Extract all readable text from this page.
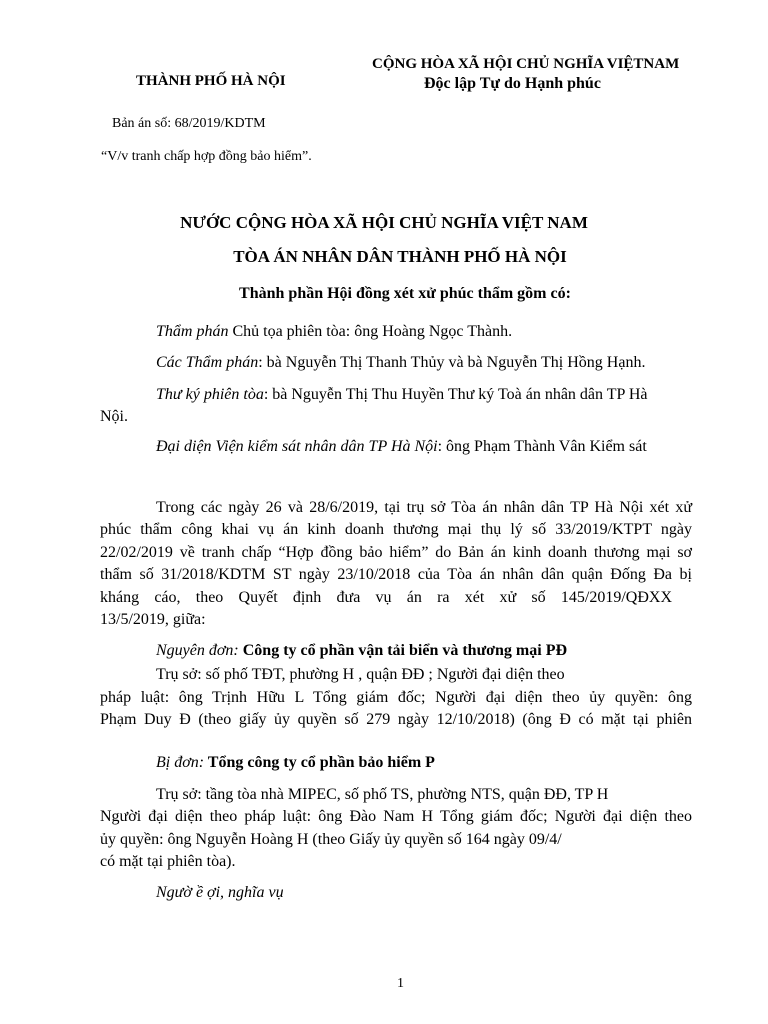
THÀNH PHỐ HÀ NỘI
CỘNG HÒA XÃ HỘI CHỦ NGHĨA VIỆTNAM
Độc lập Tự do Hạnh phúc
Bản án số: 68/2019/KDTM
“V/v tranh chấp hợp đồng bảo hiểm”.
NƯỚC CỘNG HÒA XÃ HỘI CHỦ NGHĨA VIỆT NAM
TÒA ÁN NHÂN DÂN THÀNH PHỐ HÀ NỘI
Thành phần Hội đồng xét xử phúc thẩm gồm có:
Thẩm phán Chủ tọa phiên tòa: ông Hoàng Ngọc Thành.
Các Thẩm phán: bà Nguyễn Thị Thanh Thủy và bà Nguyễn Thị Hồng Hạnh.
Thư ký phiên tòa: bà Nguyễn Thị Thu Huyền Thư ký Toà án nhân dân TP Hà
Nội.
Đại diện Viện kiểm sát nhân dân TP Hà Nội: ông Phạm Thành Vân Kiểm sát
Trong các ngày 26 và 28/6/2019, tại trụ sở Tòa án nhân dân TP Hà Nội xét xử
phúc thẩm công khai vụ án kinh doanh thương mại thụ lý số 33/2019/KTPT ngày
22/02/2019 về tranh chấp “Hợp đồng bảo hiểm” do Bản án kinh doanh thương mại sơ
thẩm số 31/2018/KDTM ST ngày 23/10/2018 của Tòa án nhân dân quận Đống Đa bị
kháng cáo, theo Quyết định đưa vụ án ra xét xử số 145/2019/QĐXX
13/5/2019, giữa:
Nguyên đơn: Công ty cổ phần vận tải biển và thương mại PĐ
Trụ sở: số phố TĐT, phường H , quận ĐĐ ; Người đại diện theo
pháp luật: ông Trịnh Hữu L Tổng giám đốc; Người đại diện theo ủy quyền: ông
Phạm Duy Đ (theo giấy ủy quyền số 279 ngày 12/10/2018) (ông Đ có mặt tại phiên
Bị đơn: Tổng công ty cổ phần bảo hiểm P
Trụ sở: tầng tòa nhà MIPEC, số phố TS, phường NTS, quận ĐĐ, TP H
Người đại diện theo pháp luật: ông Đào Nam H Tổng giám đốc; Người đại diện theo
ủy quyền: ông Nguyễn Hoàng H (theo Giấy ủy quyền số 164 ngày 09/4/
có mặt tại phiên tòa).
Ngườ ề ợi, nghĩa vụ
1
